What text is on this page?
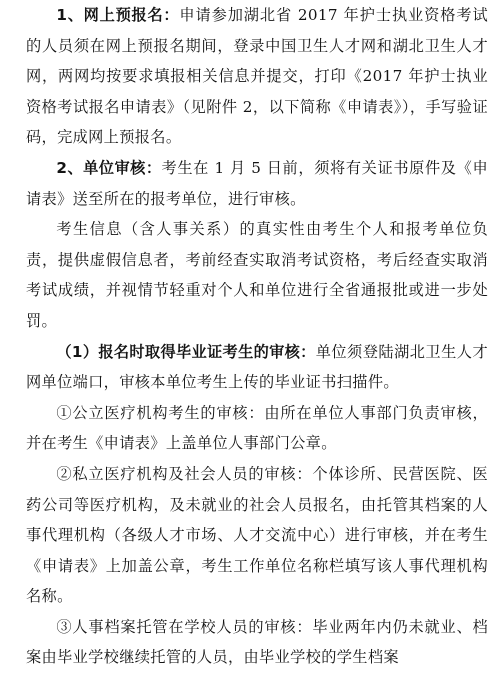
1、网上预报名：申请参加湖北省 2017 年护士执业资格考试的人员须在网上预报名期间，登录中国卫生人才网和湖北卫生人才网，两网均按要求填报相关信息并提交，打印《2017 年护士执业资格考试报名申请表》（见附件 2，以下简称《申请表》），手写验证码，完成网上预报名。

2、单位审核：考生在 1 月 5 日前，须将有关证书原件及《申请表》送至所在的报考单位，进行审核。

考生信息（含人事关系）的真实性由考生个人和报考单位负责，提供虚假信息者，考前经查实取消考试资格，考后经查实取消考试成绩，并视情节轻重对个人和单位进行全省通报批或进一步处罚。

（1）报名时取得毕业证考生的审核：单位须登陆湖北卫生人才网单位端口，审核本单位考生上传的毕业证书扫描件。

①公立医疗机构考生的审核：由所在单位人事部门负责审核，并在考生《申请表》上盖单位人事部门公章。

②私立医疗机构及社会人员的审核：个体诊所、民营医院、医药公司等医疗机构，及未就业的社会人员报名，由托管其档案的人事代理机构（各级人才市场、人才交流中心）进行审核，并在考生《申请表》上加盖公章，考生工作单位名称栏填写该人事代理机构名称。

③人事档案托管在学校人员的审核：毕业两年内仍未就业、档案由毕业学校继续托管的人员，由毕业学校的学生档案
